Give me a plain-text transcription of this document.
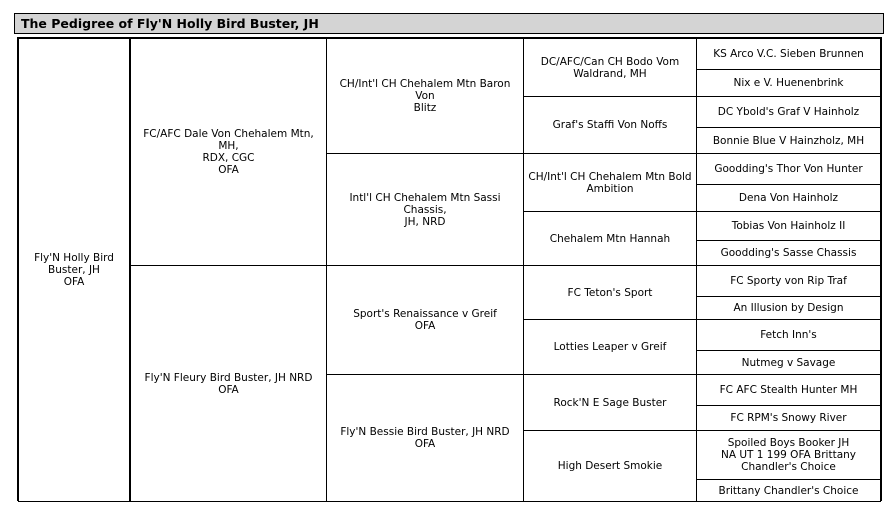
The Pedigree of Fly'N Holly Bird Buster, JH
Fly'N Holly Bird
Buster, JH
OFA
FC/AFC Dale Von Chehalem Mtn, MH,
RDX, CGC
OFA
Fly'N Fleury Bird Buster, JH NRD
OFA
CH/Int'l CH Chehalem Mtn Baron Von
Blitz
Intl'l CH Chehalem Mtn Sassi Chassis,
JH, NRD
Sport's Renaissance v Greif
OFA
Fly'N Bessie Bird Buster, JH NRD
OFA
DC/AFC/Can CH Bodo Vom
Waldrand, MH
Graf's Staffi Von Noffs
CH/Int'l CH Chehalem Mtn Bold
Ambition
Chehalem Mtn Hannah
FC Teton's Sport
Lotties Leaper v Greif
Rock'N E Sage Buster
High Desert Smokie
KS Arco V.C. Sieben Brunnen
Nix e V. Huenenbrink
DC Ybold's Graf V Hainholz
Bonnie Blue V Hainzholz, MH
Goodding's Thor Von Hunter
Dena Von Hainholz
Tobias Von Hainholz II
Goodding's Sasse Chassis
FC Sporty von Rip Traf
An Illusion by Design
Fetch Inn's
Nutmeg v Savage
FC AFC Stealth Hunter MH
FC RPM's Snowy River
Spoiled Boys Booker JH
NA UT 1 199 OFA Brittany
Chandler's Choice
Brittany Chandler's Choice
